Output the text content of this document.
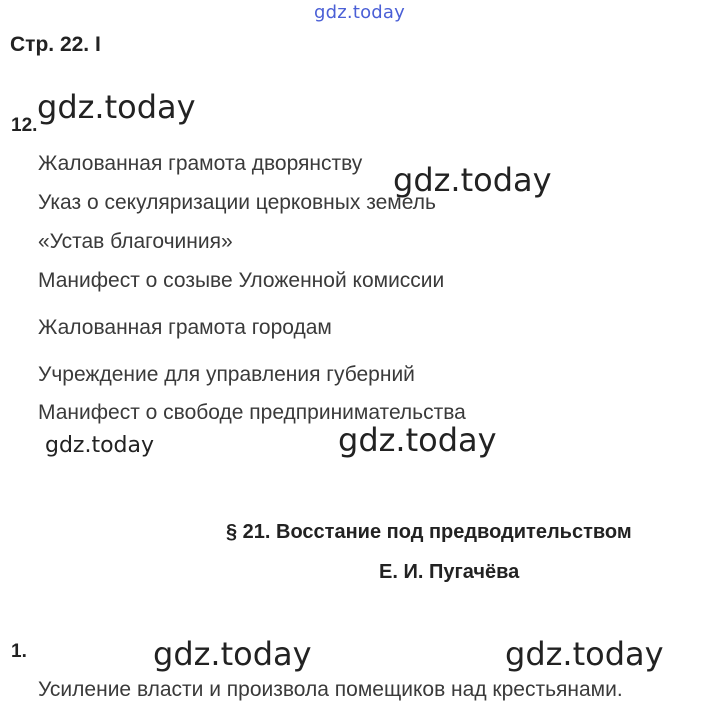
gdz.today
Стр. 22. I
12. gdz.today
Жалованная грамота дворянству
Указ о секуляризации церковных земель
«Устав благочиния»
Манифест о созыве Уложенной комиссии
Жалованная грамота городам
Учреждение для управления губерний
Манифест о свободе предпринимательства
gdz.today
gdz.today	gdz.today
§ 21. Восстание под предводительством
Е. И. Пугачёва
1.	gdz.today	gdz.today
Усиление власти и произвола помещиков над крестьянами.
